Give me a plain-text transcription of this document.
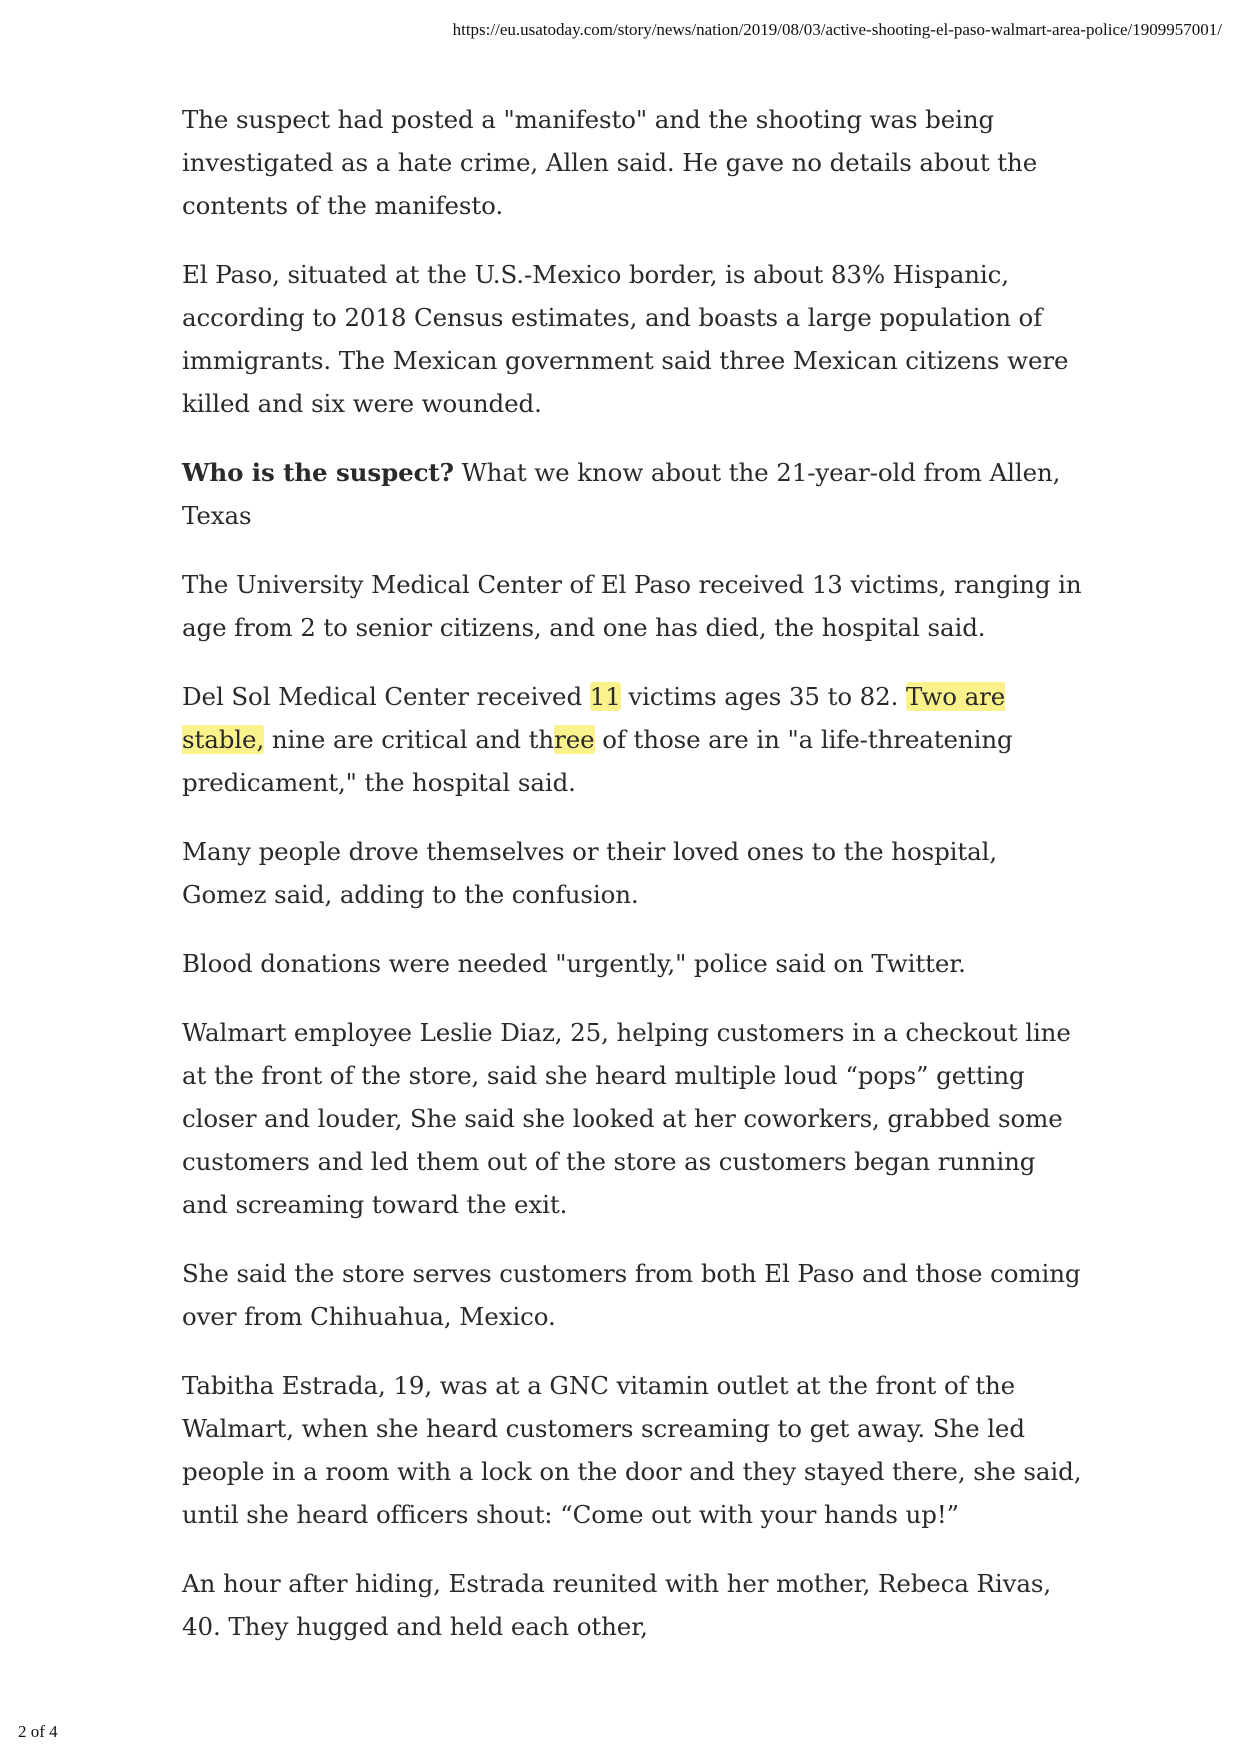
https://eu.usatoday.com/story/news/nation/2019/08/03/active-shooting-el-paso-walmart-area-police/1909957001/

The suspect had posted a "manifesto" and the shooting was being investigated as a hate crime, Allen said. He gave no details about the contents of the manifesto.

El Paso, situated at the U.S.-Mexico border, is about 83% Hispanic, according to 2018 Census estimates, and boasts a large population of immigrants. The Mexican government said three Mexican citizens were killed and six were wounded.

Who is the suspect? What we know about the 21-year-old from Allen, Texas

The University Medical Center of El Paso received 13 victims, ranging in age from 2 to senior citizens, and one has died, the hospital said.

Del Sol Medical Center received 11 victims ages 35 to 82. Two are stable, nine are critical and three of those are in "a life-threatening predicament," the hospital said.

Many people drove themselves or their loved ones to the hospital, Gomez said, adding to the confusion.

Blood donations were needed "urgently," police said on Twitter.

Walmart employee Leslie Diaz, 25, helping customers in a checkout line at the front of the store, said she heard multiple loud “pops” getting closer and louder, She said she looked at her coworkers, grabbed some customers and led them out of the store as customers began running and screaming toward the exit.

She said the store serves customers from both El Paso and those coming over from Chihuahua, Mexico.

Tabitha Estrada, 19, was at a GNC vitamin outlet at the front of the Walmart, when she heard customers screaming to get away. She led people in a room with a lock on the door and they stayed there, she said, until she heard officers shout: “Come out with your hands up!”

An hour after hiding, Estrada reunited with her mother, Rebeca Rivas, 40. They hugged and held each other,

2 of 4
